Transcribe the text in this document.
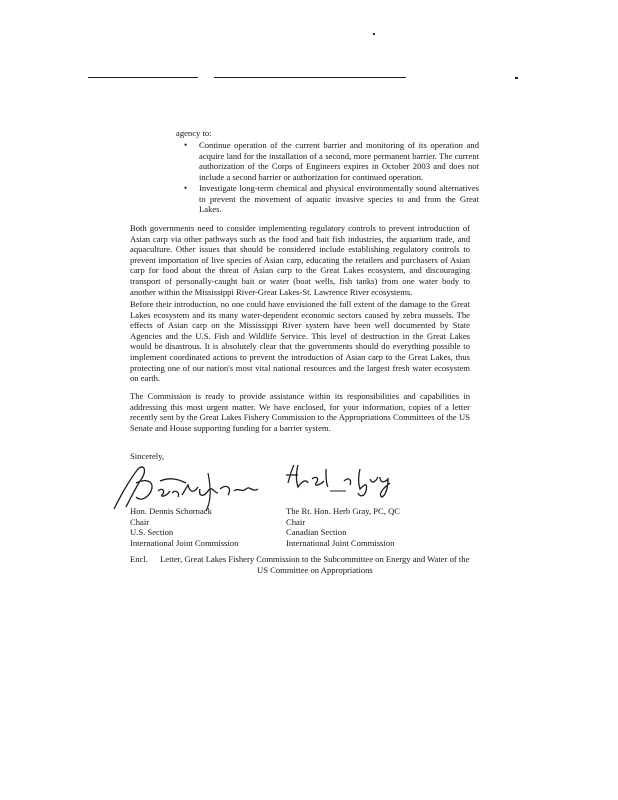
agency to:
• Continue operation of the current barrier and monitoring of its operation and acquire land for the installation of a second, more permanent barrier. The current authorization of the Corps of Engineers expires in October 2003 and does not include a second barrier or authorization for continued operation.
• Investigate long-term chemical and physical environmentally sound alternatives to prevent the movement of aquatic invasive species to and from the Great Lakes.
Both governments need to consider implementing regulatory controls to prevent introduction of Asian carp via other pathways such as the food and bait fish industries, the aquarium trade, and aquaculture. Other issues that should be considered include establishing regulatory controls to prevent importation of live species of Asian carp, educating the retailers and purchasers of Asian carp for food about the threat of Asian carp to the Great Lakes ecosystem, and discouraging transport of personally-caught bait or water (boat wells, fish tanks) from one water body to another within the Mississippi River-Great Lakes-St. Lawrence River ecosystems.
Before their introduction, no one could have envisioned the full extent of the damage to the Great Lakes ecosystem and its many water-dependent economic sectors caused by zebra mussels. The effects of Asian carp on the Mississippi River system have been well documented by State Agencies and the U.S. Fish and Wildlife Service. This level of destruction in the Great Lakes would be disastrous. It is absolutely clear that the governments should do everything possible to implement coordinated actions to prevent the introduction of Asian carp to the Great Lakes, thus protecting one of our nation's most vital national resources and the largest fresh water ecosystem on earth.
The Commission is ready to provide assistance within its responsibilities and capabilities in addressing this most urgent matter. We have enclosed, for your information, copies of a letter recently sent by the Great Lakes Fishery Commission to the Appropriations Committees of the US Senate and House supporting funding for a barrier system.
Sincerely,
Hon. Dennis Schornack
Chair
U.S. Section
International Joint Commission
The Rt. Hon. Herb Gray, PC, QC
Chair
Canadian Section
International Joint Commission
Encl. Letter, Great Lakes Fishery Commission to the Subcommittee on Energy and Water of the
US Committee on Appropriations
